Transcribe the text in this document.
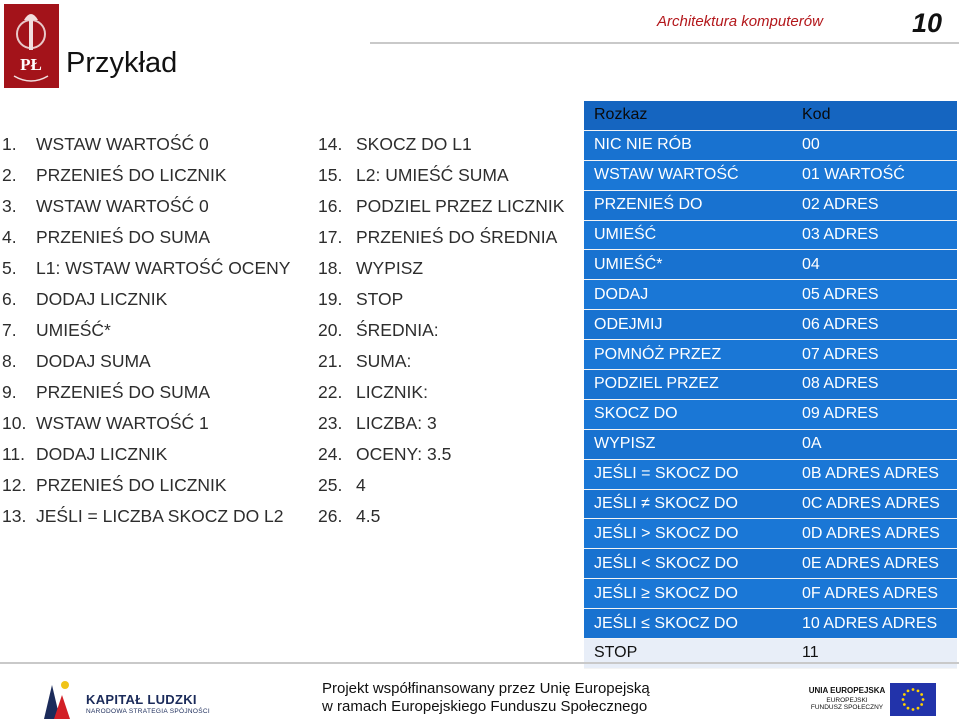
PŁ Przykład
Architektura komputerów	10
1. WSTAW WARTOŚĆ 0
2. PRZENIEŚ DO LICZNIK
3. WSTAW WARTOŚĆ 0
4. PRZENIEŚ DO SUMA
5. L1: WSTAW WARTOŚĆ OCENY
6. DODAJ LICZNIK
7. UMIEŚĆ*
8. DODAJ SUMA
9. PRZENIEŚ DO SUMA
10. WSTAW WARTOŚĆ 1
11. DODAJ LICZNIK
12. PRZENIEŚ DO LICZNIK
13. JEŚLI = LICZBA SKOCZ DO L2
14. SKOCZ DO L1
15. L2: UMIEŚĆ SUMA
16. PODZIEL PRZEZ LICZNIK
17. PRZENIEŚ DO ŚREDNIA
18. WYPISZ
19. STOP
20. ŚREDNIA:
21. SUMA:
22. LICZNIK:
23. LICZBA: 3
24. OCENY: 3.5
25. 4
26. 4.5
Rozkaz	Kod
NIC NIE RÓB	00
WSTAW WARTOŚĆ	01 WARTOŚĆ
PRZENIEŚ DO	02 ADRES
UMIEŚĆ	03 ADRES
UMIEŚĆ*	04
DODAJ	05 ADRES
ODEJMIJ	06 ADRES
POMNÓŻ PRZEZ	07 ADRES
PODZIEL PRZEZ	08 ADRES
SKOCZ DO	09 ADRES
WYPISZ	0A
JEŚLI = SKOCZ DO	0B ADRES ADRES
JEŚLI ≠ SKOCZ DO	0C ADRES ADRES
JEŚLI > SKOCZ DO	0D ADRES ADRES
JEŚLI < SKOCZ DO	0E ADRES ADRES
JEŚLI ≥ SKOCZ DO	0F ADRES ADRES
JEŚLI ≤ SKOCZ DO	10 ADRES ADRES
STOP	11
KAPITAŁ LUDZKI
NARODOWA STRATEGIA SPÓJNOŚCI
Projekt współfinansowany przez Unię Europejską
w ramach Europejskiego Funduszu Społecznego
UNIA EUROPEJSKA
EUROPEJSKI
FUNDUSZ SPOŁECZNY
